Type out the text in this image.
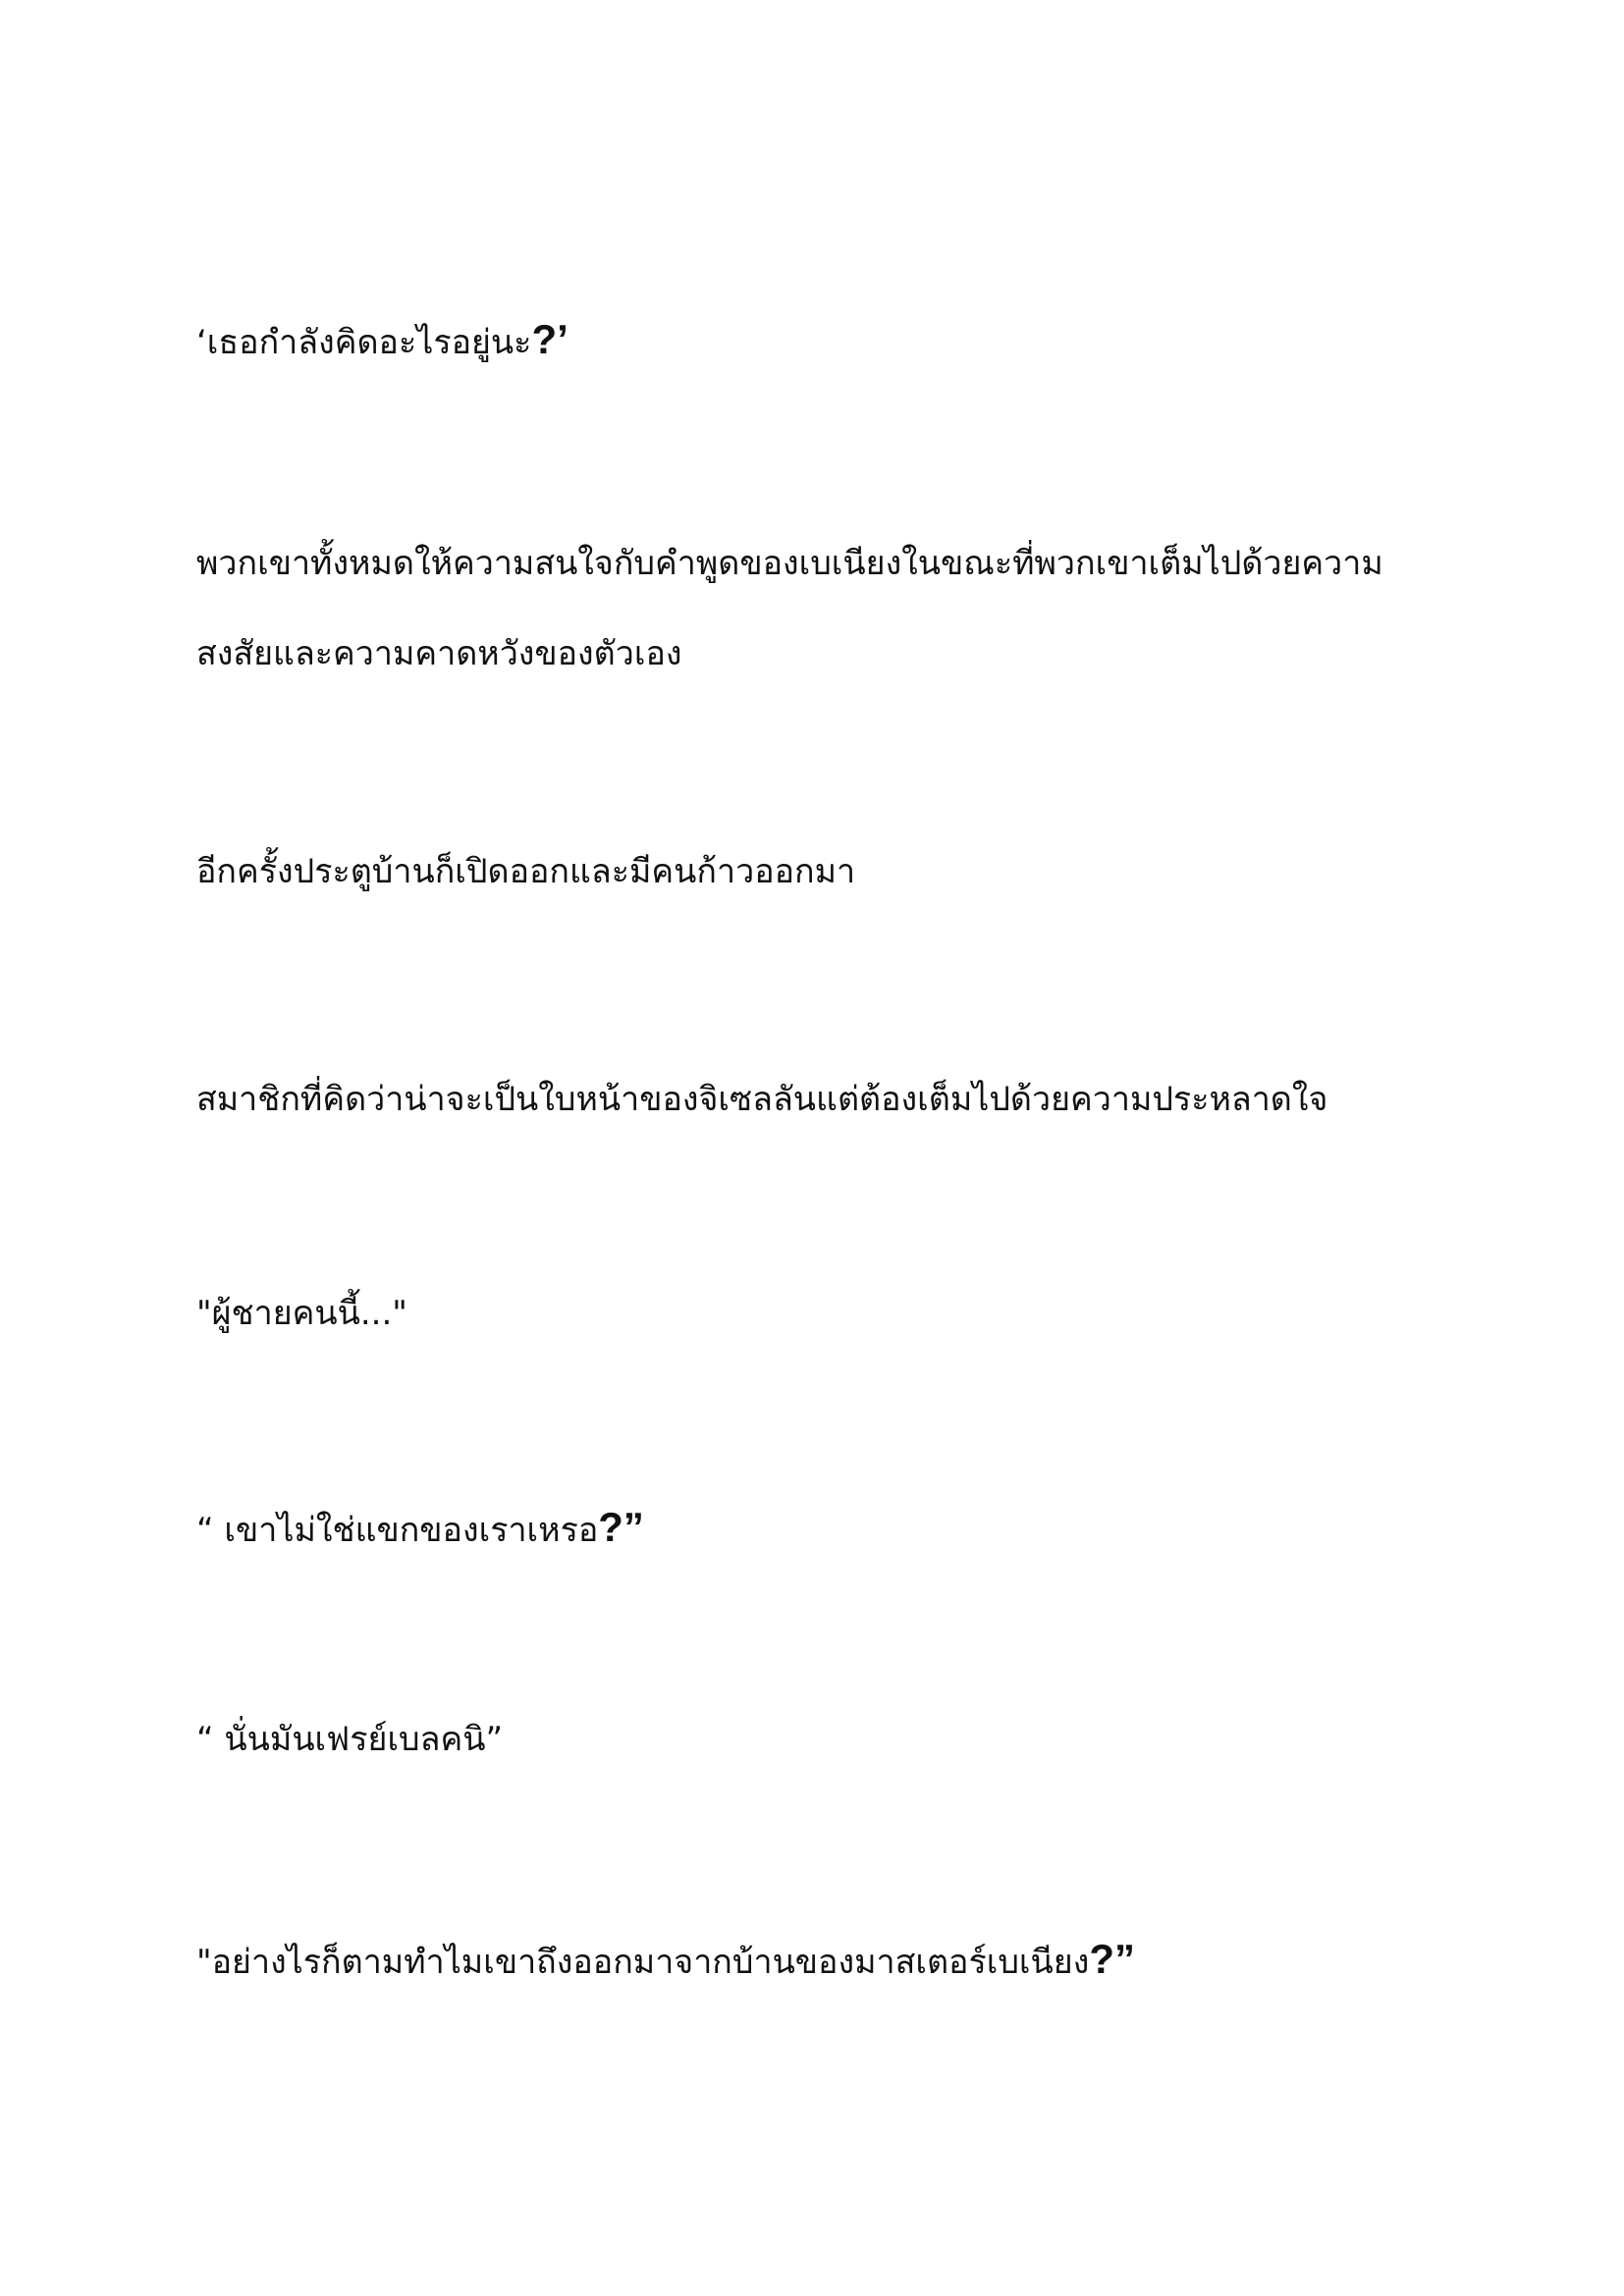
‘เธอกำลังคิดอะไรอยู่นะ?’

พวกเขาทั้งหมดให้ความสนใจกับคำพูดของเบเนียงในขณะที่พวกเขาเต็มไปด้วยความ
สงสัยและความคาดหวังของตัวเอง

อีกครั้งประตูบ้านก็เปิดออกและมีคนก้าวออกมา

สมาชิกที่คิดว่าน่าจะเป็นใบหน้าของจิเซลลันแต่ต้องเต็มไปด้วยความประหลาดใจ

"ผู้ชายคนนี้..."

“ เขาไม่ใช่แขกของเราเหรอ?”

“ นั่นมันเฟรย์เบลคนิ”

"อย่างไรก็ตามทำไมเขาถึงออกมาจากบ้านของมาสเตอร์เบเนียง?”
